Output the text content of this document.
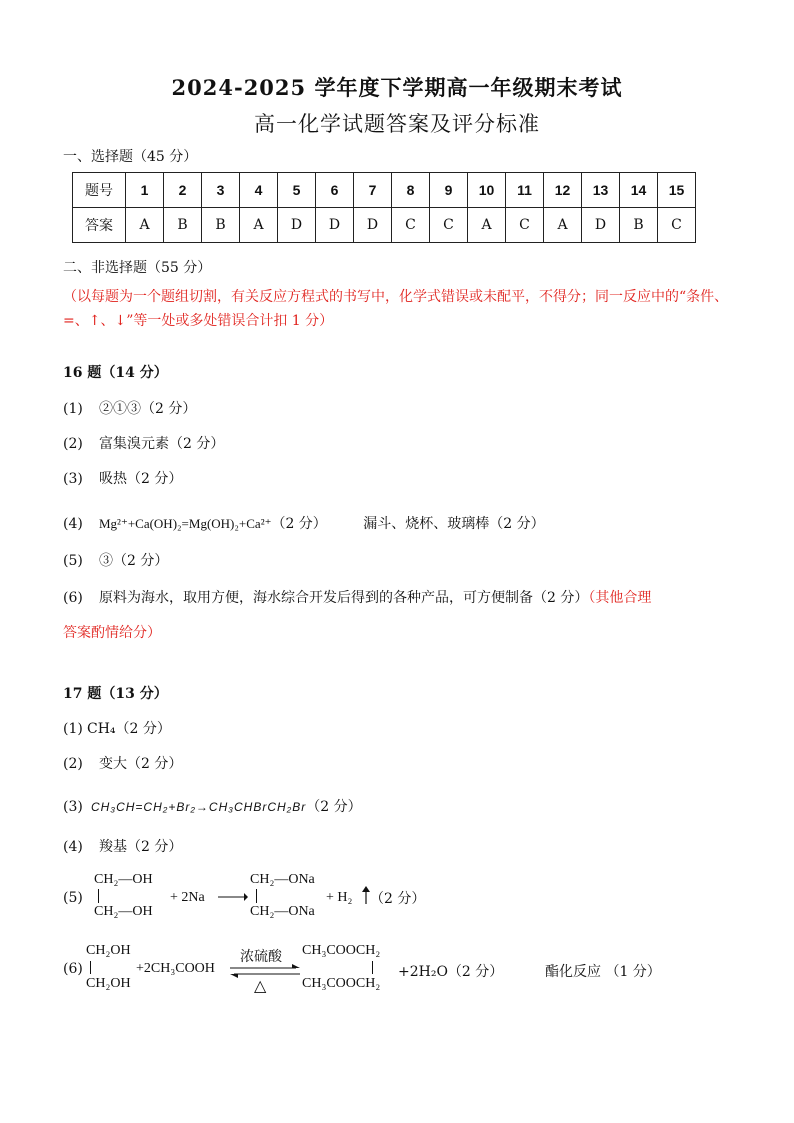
2024-2025 学年度下学期高一年级期末考试
高一化学试题答案及评分标准
一、选择题（45 分）
题号	1	2	3	4	5	6	7	8	9	10	11	12	13	14	15
答案	A	B	B	A	D	D	D	C	C	A	C	A	D	B	C
二、非选择题（55 分）
（以每题为一个题组切割，有关反应方程式的书写中，化学式错误或未配平，不得分；同一反应中的“条件、=、↑、↓”等一处或多处错误合计扣 1 分）
16 题（14 分）
(1) ②①③（2 分）
(2) 富集溴元素（2 分）
(3) 吸热（2 分）
(4) Mg²⁺+Ca(OH)₂=Mg(OH)₂+Ca²⁺（2 分）	漏斗、烧杯、玻璃棒（2 分）
(5) ③（2 分）
(6) 原料为海水，取用方便，海水综合开发后得到的各种产品，可方便制备（2 分）（其他合理
答案酌情给分）
17 题（13 分）
(1) CH₄（2 分）
(2) 变大（2 分）
(3) CH₃CH=CH₂+Br₂→CH₃CHBrCH₂Br（2 分）
(4) 羧基（2 分）
(5)
CH₂—OH
CH₂—OH
+ 2Na →
CH₂—ONa
CH₂—ONa
+ H₂ （2 分）
(6)
CH₂OH
CH₂OH
+2CH₃COOH
浓硫酸
△
CH₃COOCH₂
CH₃COOCH₂
+2H₂O（2 分）	酯化反应 （1 分）
